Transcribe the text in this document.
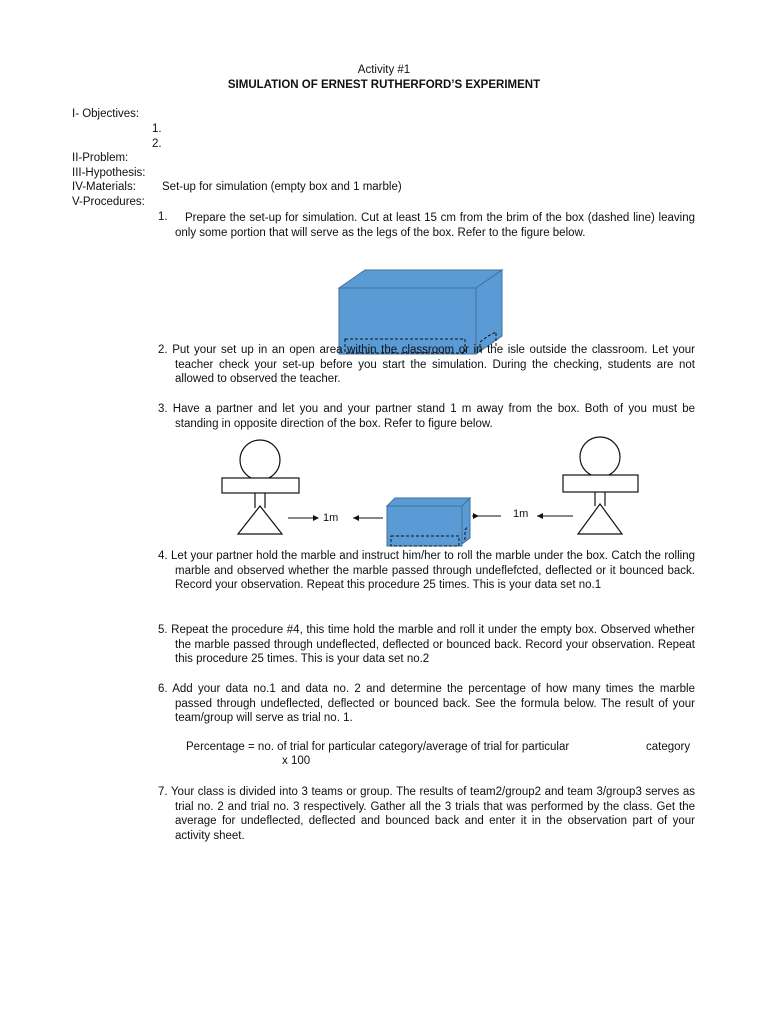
Activity #1
SIMULATION OF ERNEST RUTHERFORD’S EXPERIMENT
I- Objectives:
1.
2.
II-Problem:
III-Hypothesis:
IV-Materials: Set-up for simulation (empty box and 1 marble)
V-Procedures:
1.	Prepare the set-up for simulation. Cut at least 15 cm from the brim of the box (dashed line) leaving only some portion that will serve as the legs of the box. Refer to the figure below.
2. Put your set up in an open area within the classroom or in the isle outside the classroom. Let your teacher check your set-up before you start the simulation. During the checking, students are not allowed to observed the teacher.
3. Have a partner and let you and your partner stand 1 m away from the box. Both of you must be standing in opposite direction of the box. Refer to figure below.
1m	1m
4. Let your partner hold the marble and instruct him/her to roll the marble under the box. Catch the rolling marble and observed whether the marble passed through undeflefcted, deflected or it bounced back. Record your observation. Repeat this procedure 25 times. This is your data set no.1
5. Repeat the procedure #4, this time hold the marble and roll it under the empty box. Observed whether the marble passed through undeflected, deflected or bounced back. Record your observation. Repeat this procedure 25 times. This is your data set no.2
6. Add your data no.1 and data no. 2 and determine the percentage of how many times the marble passed through undeflected, deflected or bounced back. See the formula below. The result of your team/group will serve as trial no. 1.
Percentage = no. of trial for particular category/average of trial for particular	category
x 100
7. Your class is divided into 3 teams or group. The results of team2/group2 and team 3/group3 serves as trial no. 2 and trial no. 3 respectively. Gather all the 3 trials that was performed by the class. Get the average for undeflected, deflected and bounced back and enter it in the observation part of your activity sheet.
